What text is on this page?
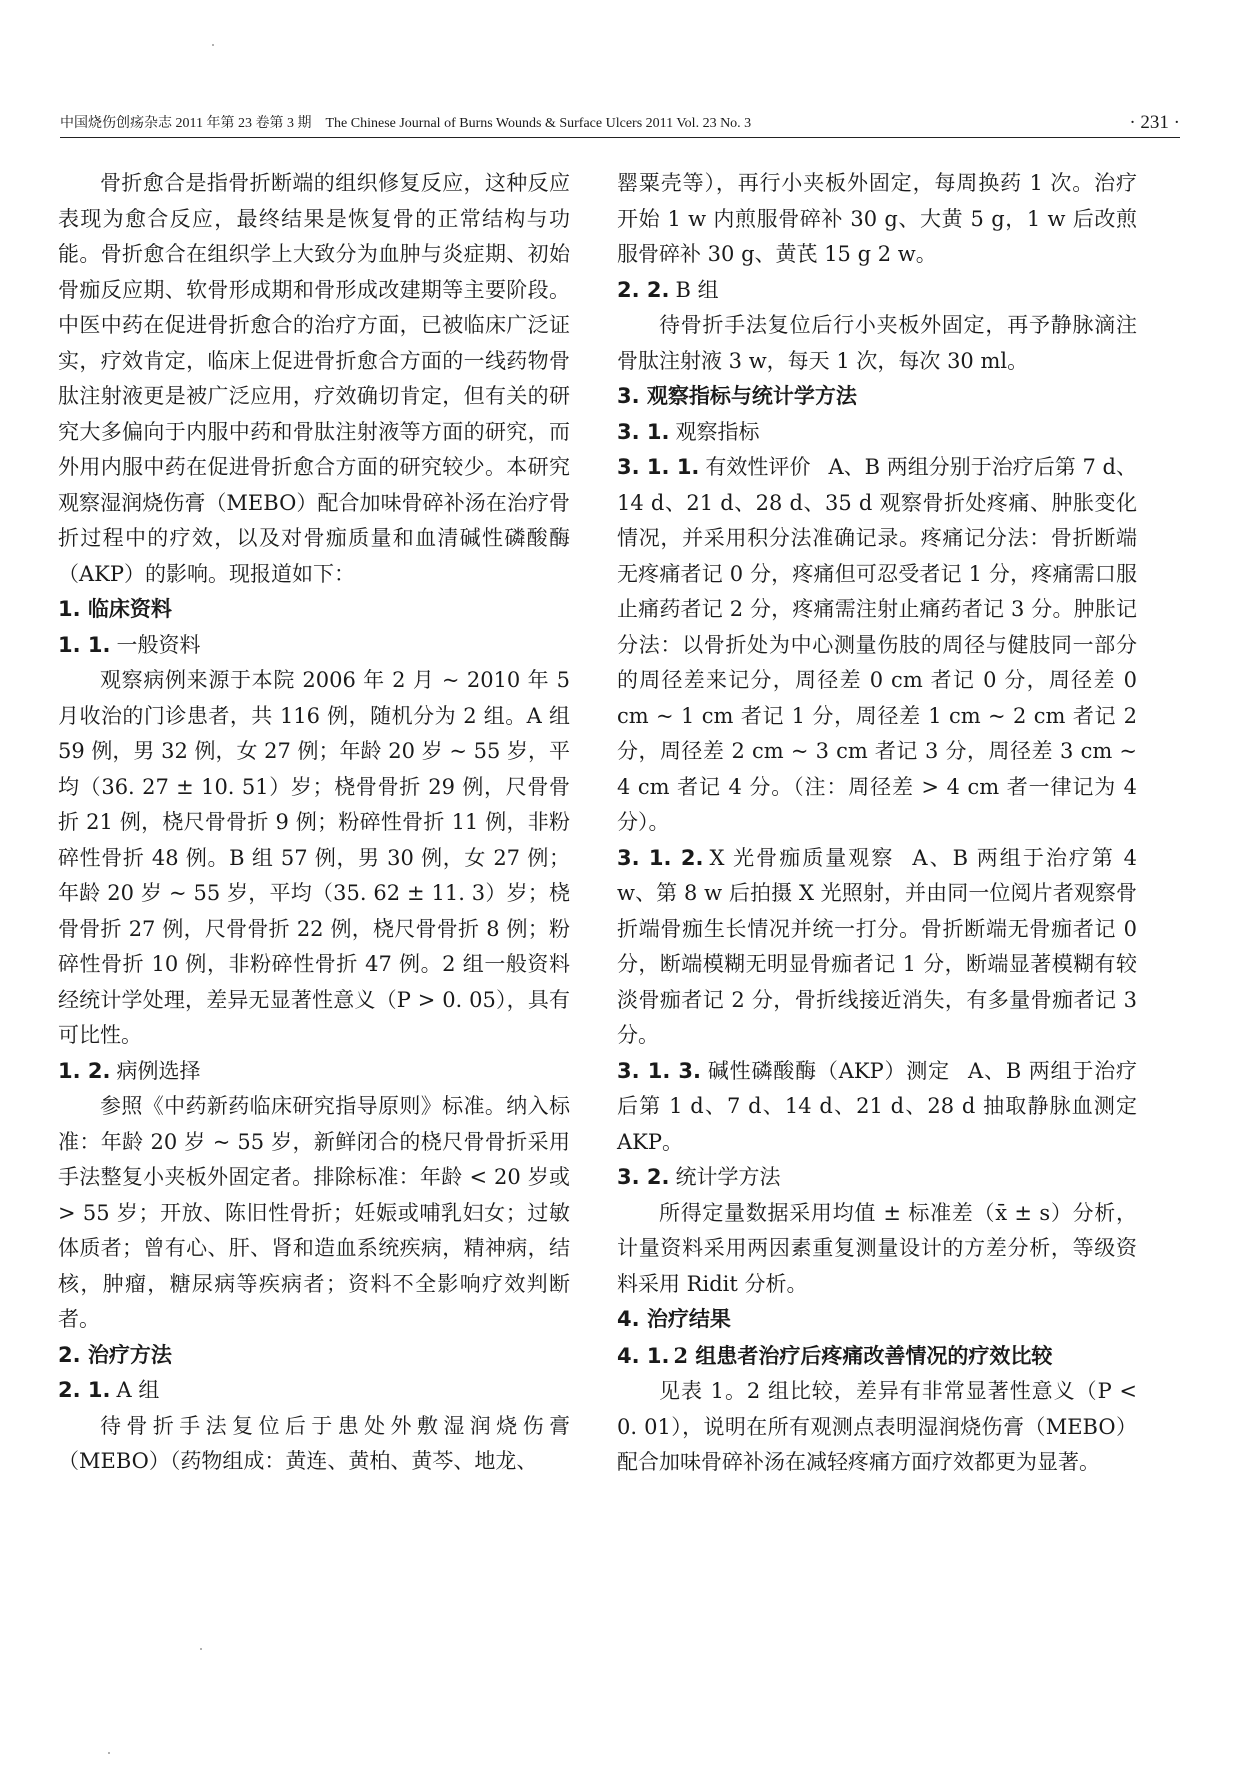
中国烧伤创疡杂志 2011 年第 23 卷第 3 期 The Chinese Journal of Burns Wounds & Surface Ulcers 2011 Vol. 23 No. 3	· 231 ·

骨折愈合是指骨折断端的组织修复反应，这种反应表现为愈合反应，最终结果是恢复骨的正常结构与功能。骨折愈合在组织学上大致分为血肿与炎症期、初始骨痂反应期、软骨形成期和骨形成改建期等主要阶段。中医中药在促进骨折愈合的治疗方面，已被临床广泛证实，疗效肯定，临床上促进骨折愈合方面的一线药物骨肽注射液更是被广泛应用，疗效确切肯定，但有关的研究大多偏向于内服中药和骨肽注射液等方面的研究，而外用内服中药在促进骨折愈合方面的研究较少。本研究观察湿润烧伤膏（MEBO）配合加味骨碎补汤在治疗骨折过程中的疗效，以及对骨痂质量和血清碱性磷酸酶（AKP）的影响。现报道如下：

1. 临床资料

1. 1. 一般资料

观察病例来源于本院 2006 年 2 月 ~ 2010 年 5 月收治的门诊患者，共 116 例，随机分为 2 组。A 组 59 例，男 32 例，女 27 例；年龄 20 岁 ~ 55 岁，平均（36. 27 ± 10. 51）岁；桡骨骨折 29 例，尺骨骨折 21 例，桡尺骨骨折 9 例；粉碎性骨折 11 例，非粉碎性骨折 48 例。B 组 57 例，男 30 例，女 27 例；年龄 20 岁 ~ 55 岁，平均（35. 62 ± 11. 3）岁；桡骨骨折 27 例，尺骨骨折 22 例，桡尺骨骨折 8 例；粉碎性骨折 10 例，非粉碎性骨折 47 例。2 组一般资料经统计学处理，差异无显著性意义（P > 0. 05），具有可比性。

1. 2. 病例选择

参照《中药新药临床研究指导原则》标准。纳入标准：年龄 20 岁 ~ 55 岁，新鲜闭合的桡尺骨骨折采用手法整复小夹板外固定者。排除标准：年龄 < 20 岁或 > 55 岁；开放、陈旧性骨折；妊娠或哺乳妇女；过敏体质者；曾有心、肝、肾和造血系统疾病，精神病，结核，肿瘤，糖尿病等疾病者；资料不全影响疗效判断者。

2. 治疗方法

2. 1. A 组

待骨折手法复位后于患处外敷湿润烧伤膏（MEBO）（药物组成：黄连、黄柏、黄芩、地龙、

罂粟壳等），再行小夹板外固定，每周换药 1 次。治疗开始 1 w 内煎服骨碎补 30 g、大黄 5 g，1 w 后改煎服骨碎补 30 g、黄芪 15 g 2 w。

2. 2. B 组

待骨折手法复位后行小夹板外固定，再予静脉滴注骨肽注射液 3 w，每天 1 次，每次 30 ml。

3. 观察指标与统计学方法

3. 1. 观察指标

3. 1. 1. 有效性评价 A、B 两组分别于治疗后第 7 d、14 d、21 d、28 d、35 d 观察骨折处疼痛、肿胀变化情况，并采用积分法准确记录。疼痛记分法：骨折断端无疼痛者记 0 分，疼痛但可忍受者记 1 分，疼痛需口服止痛药者记 2 分，疼痛需注射止痛药者记 3 分。肿胀记分法：以骨折处为中心测量伤肢的周径与健肢同一部分的周径差来记分，周径差 0 cm 者记 0 分，周径差 0 cm ~ 1 cm 者记 1 分，周径差 1 cm ~ 2 cm 者记 2 分，周径差 2 cm ~ 3 cm 者记 3 分，周径差 3 cm ~ 4 cm 者记 4 分。（注：周径差 > 4 cm 者一律记为 4 分）。

3. 1. 2. X 光骨痂质量观察 A、B 两组于治疗第 4 w、第 8 w 后拍摄 X 光照射，并由同一位阅片者观察骨折端骨痂生长情况并统一打分。骨折断端无骨痂者记 0 分，断端模糊无明显骨痂者记 1 分，断端显著模糊有较淡骨痂者记 2 分，骨折线接近消失，有多量骨痂者记 3 分。

3. 1. 3. 碱性磷酸酶（AKP）测定 A、B 两组于治疗后第 1 d、7 d、14 d、21 d、28 d 抽取静脉血测定 AKP。

3. 2. 统计学方法

所得定量数据采用均值 ± 标准差（x̄ ± s）分析，计量资料采用两因素重复测量设计的方差分析，等级资料采用 Ridit 分析。

4. 治疗结果

4. 1. 2 组患者治疗后疼痛改善情况的疗效比较

见表 1。2 组比较，差异有非常显著性意义（P < 0. 01），说明在所有观测点表明湿润烧伤膏（MEBO）配合加味骨碎补汤在减轻疼痛方面疗效都更为显著。
